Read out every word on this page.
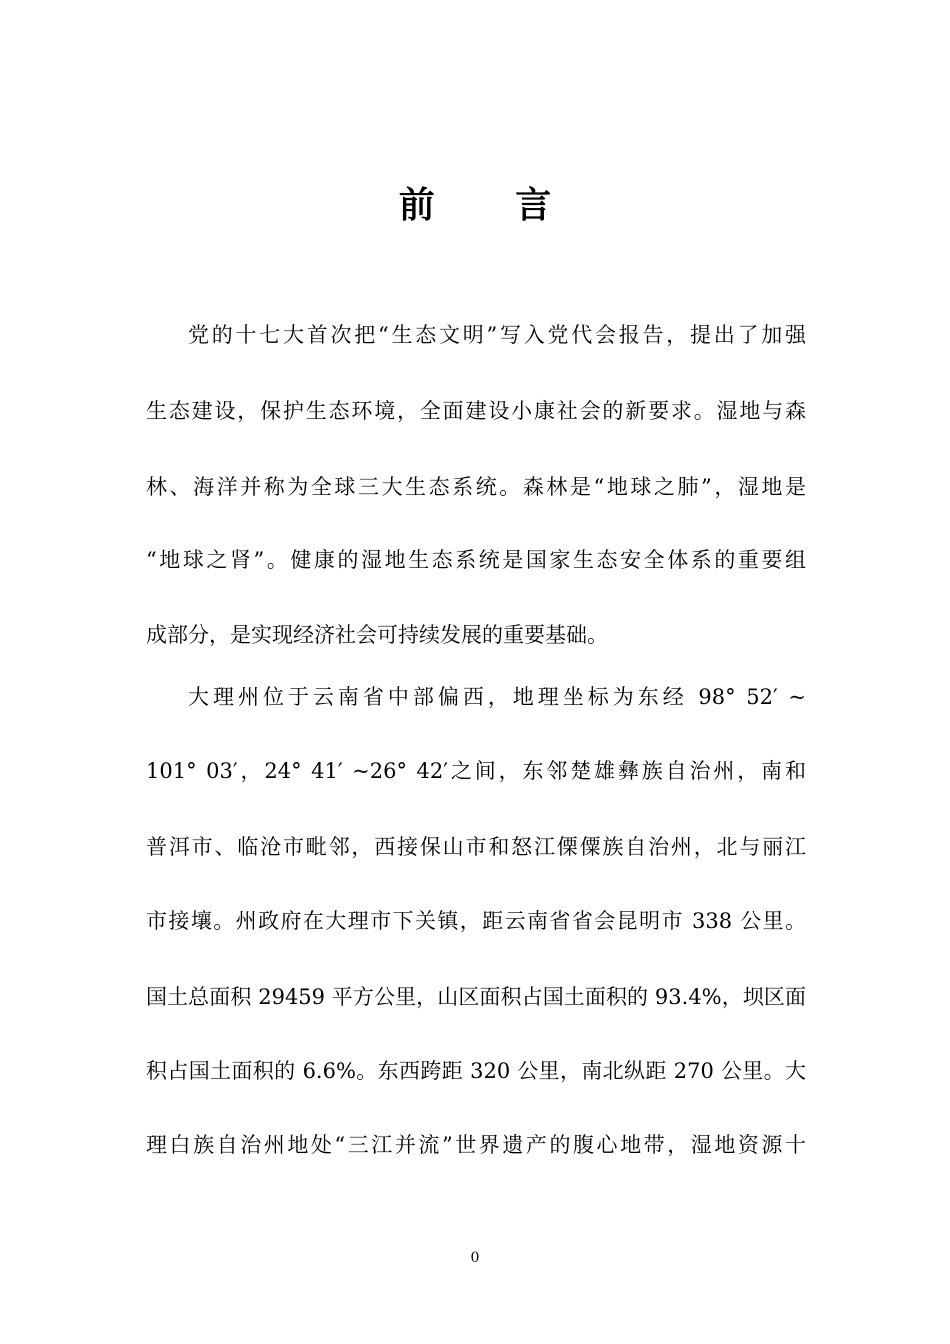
前 言
党的十七大首次把“生态文明”写入党代会报告，提出了加强
生态建设，保护生态环境，全面建设小康社会的新要求。湿地与森
林、海洋并称为全球三大生态系统。森林是“地球之肺”，湿地是
“地球之肾”。健康的湿地生态系统是国家生态安全体系的重要组
成部分，是实现经济社会可持续发展的重要基础。
大理州位于云南省中部偏西，地理坐标为东经 98° 52′ ~
101° 03′，24° 41′ ~26° 42′之间，东邻楚雄彝族自治州，南和
普洱市、临沧市毗邻，西接保山市和怒江傈僳族自治州，北与丽江
市接壤。州政府在大理市下关镇，距云南省省会昆明市 338 公里。
国土总面积 29459 平方公里，山区面积占国土面积的 93.4%，坝区面
积占国土面积的 6.6%。东西跨距 320 公里，南北纵距 270 公里。大
理白族自治州地处“三江并流”世界遗产的腹心地带，湿地资源十
0
